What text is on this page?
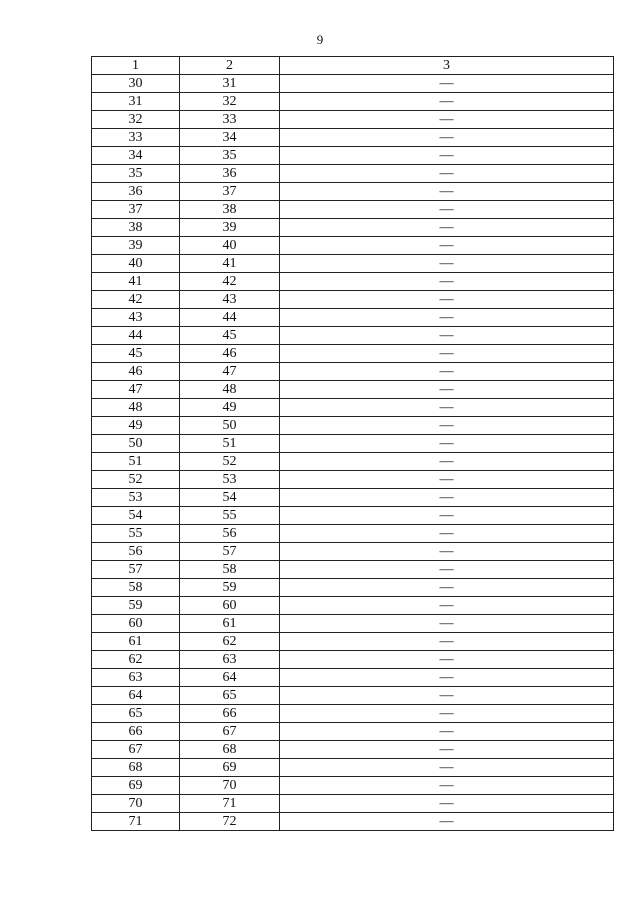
9
1	2	3
30	31	—
31	32	—
32	33	—
33	34	—
34	35	—
35	36	—
36	37	—
37	38	—
38	39	—
39	40	—
40	41	—
41	42	—
42	43	—
43	44	—
44	45	—
45	46	—
46	47	—
47	48	—
48	49	—
49	50	—
50	51	—
51	52	—
52	53	—
53	54	—
54	55	—
55	56	—
56	57	—
57	58	—
58	59	—
59	60	—
60	61	—
61	62	—
62	63	—
63	64	—
64	65	—
65	66	—
66	67	—
67	68	—
68	69	—
69	70	—
70	71	—
71	72	—
